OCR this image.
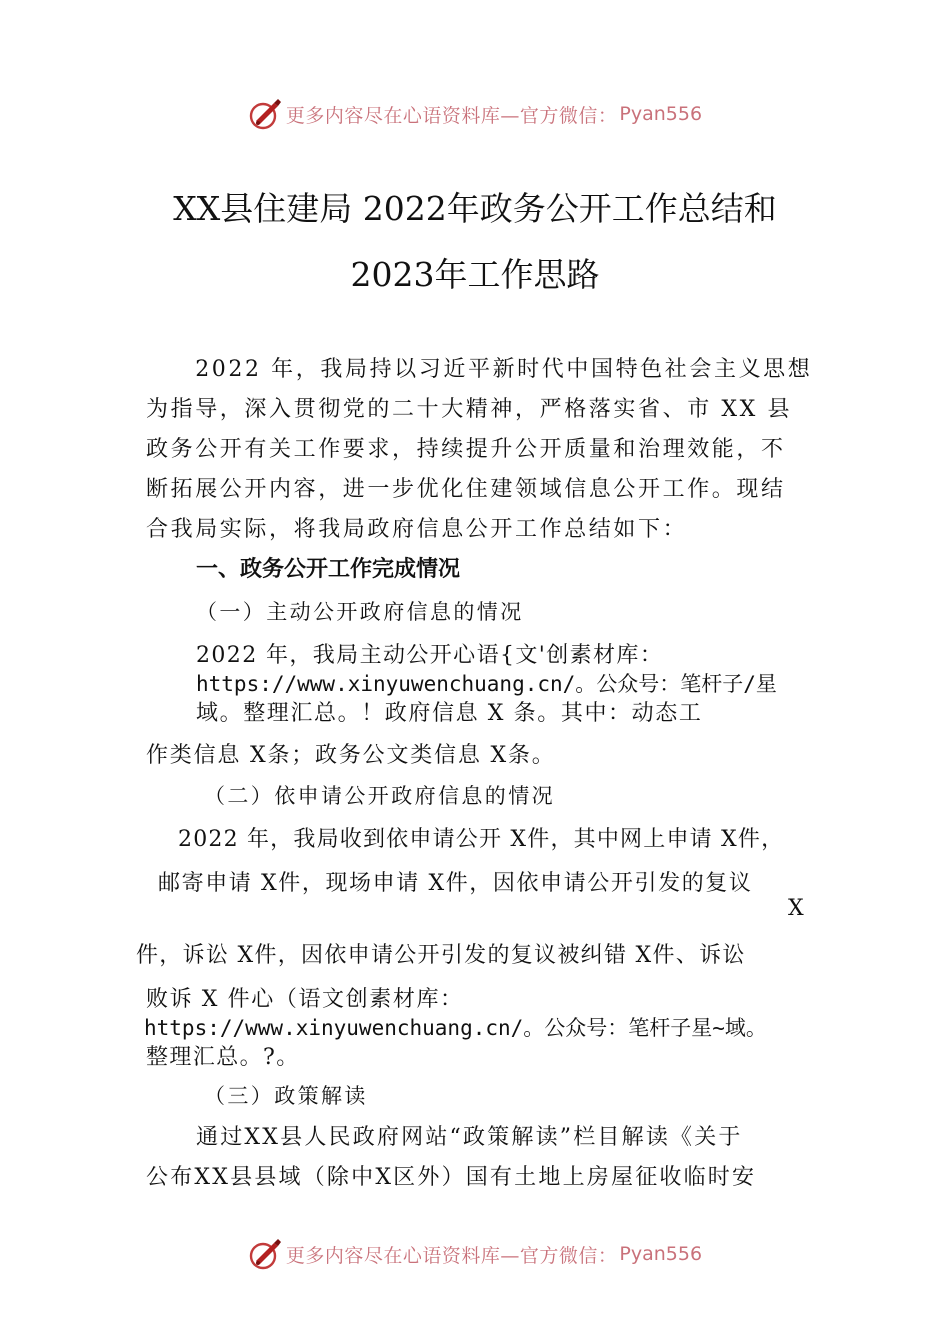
更多内容尽在心语资料库—官方微信： Pyan556
XX县住建局 2022年政务公开工作总结和
2023年工作思路
　　2022 年，我局持以习近平新时代中国特色社会主义思想
为指导，深入贯彻党的二十大精神，严格落实省、市 XX 县
政务公开有关工作要求，持续提升公开质量和治理效能，不
断拓展公开内容，进一步优化住建领域信息公开工作。现结
合我局实际，将我局政府信息公开工作总结如下：
一、政务公开工作完成情况
（一）主动公开政府信息的情况
2022 年，我局主动公开心语{文'创素材库：
https://www.xinyuwenchuang.cn/。公众号：笔杆子/星
域。整理汇总。！政府信息 X 条。其中：动态工
作类信息 X条；政务公文类信息 X条。
（二）依申请公开政府信息的情况
2022 年，我局收到依申请公开 X件，其中网上申请 X件，
邮寄申请 X件，现场申请 X件，因依申请公开引发的复议
X
件，诉讼 X件，因依申请公开引发的复议被纠错 X件、诉讼
败诉 X 件心（语文创素材库：
https://www.xinyuwenchuang.cn/。公众号：笔杆子星~域。
整理汇总。?。
（三）政策解读
通过XX县人民政府网站“政策解读”栏目解读《关于
公布XX县县域（除中X区外）国有土地上房屋征收临时安
更多内容尽在心语资料库—官方微信： Pyan556
